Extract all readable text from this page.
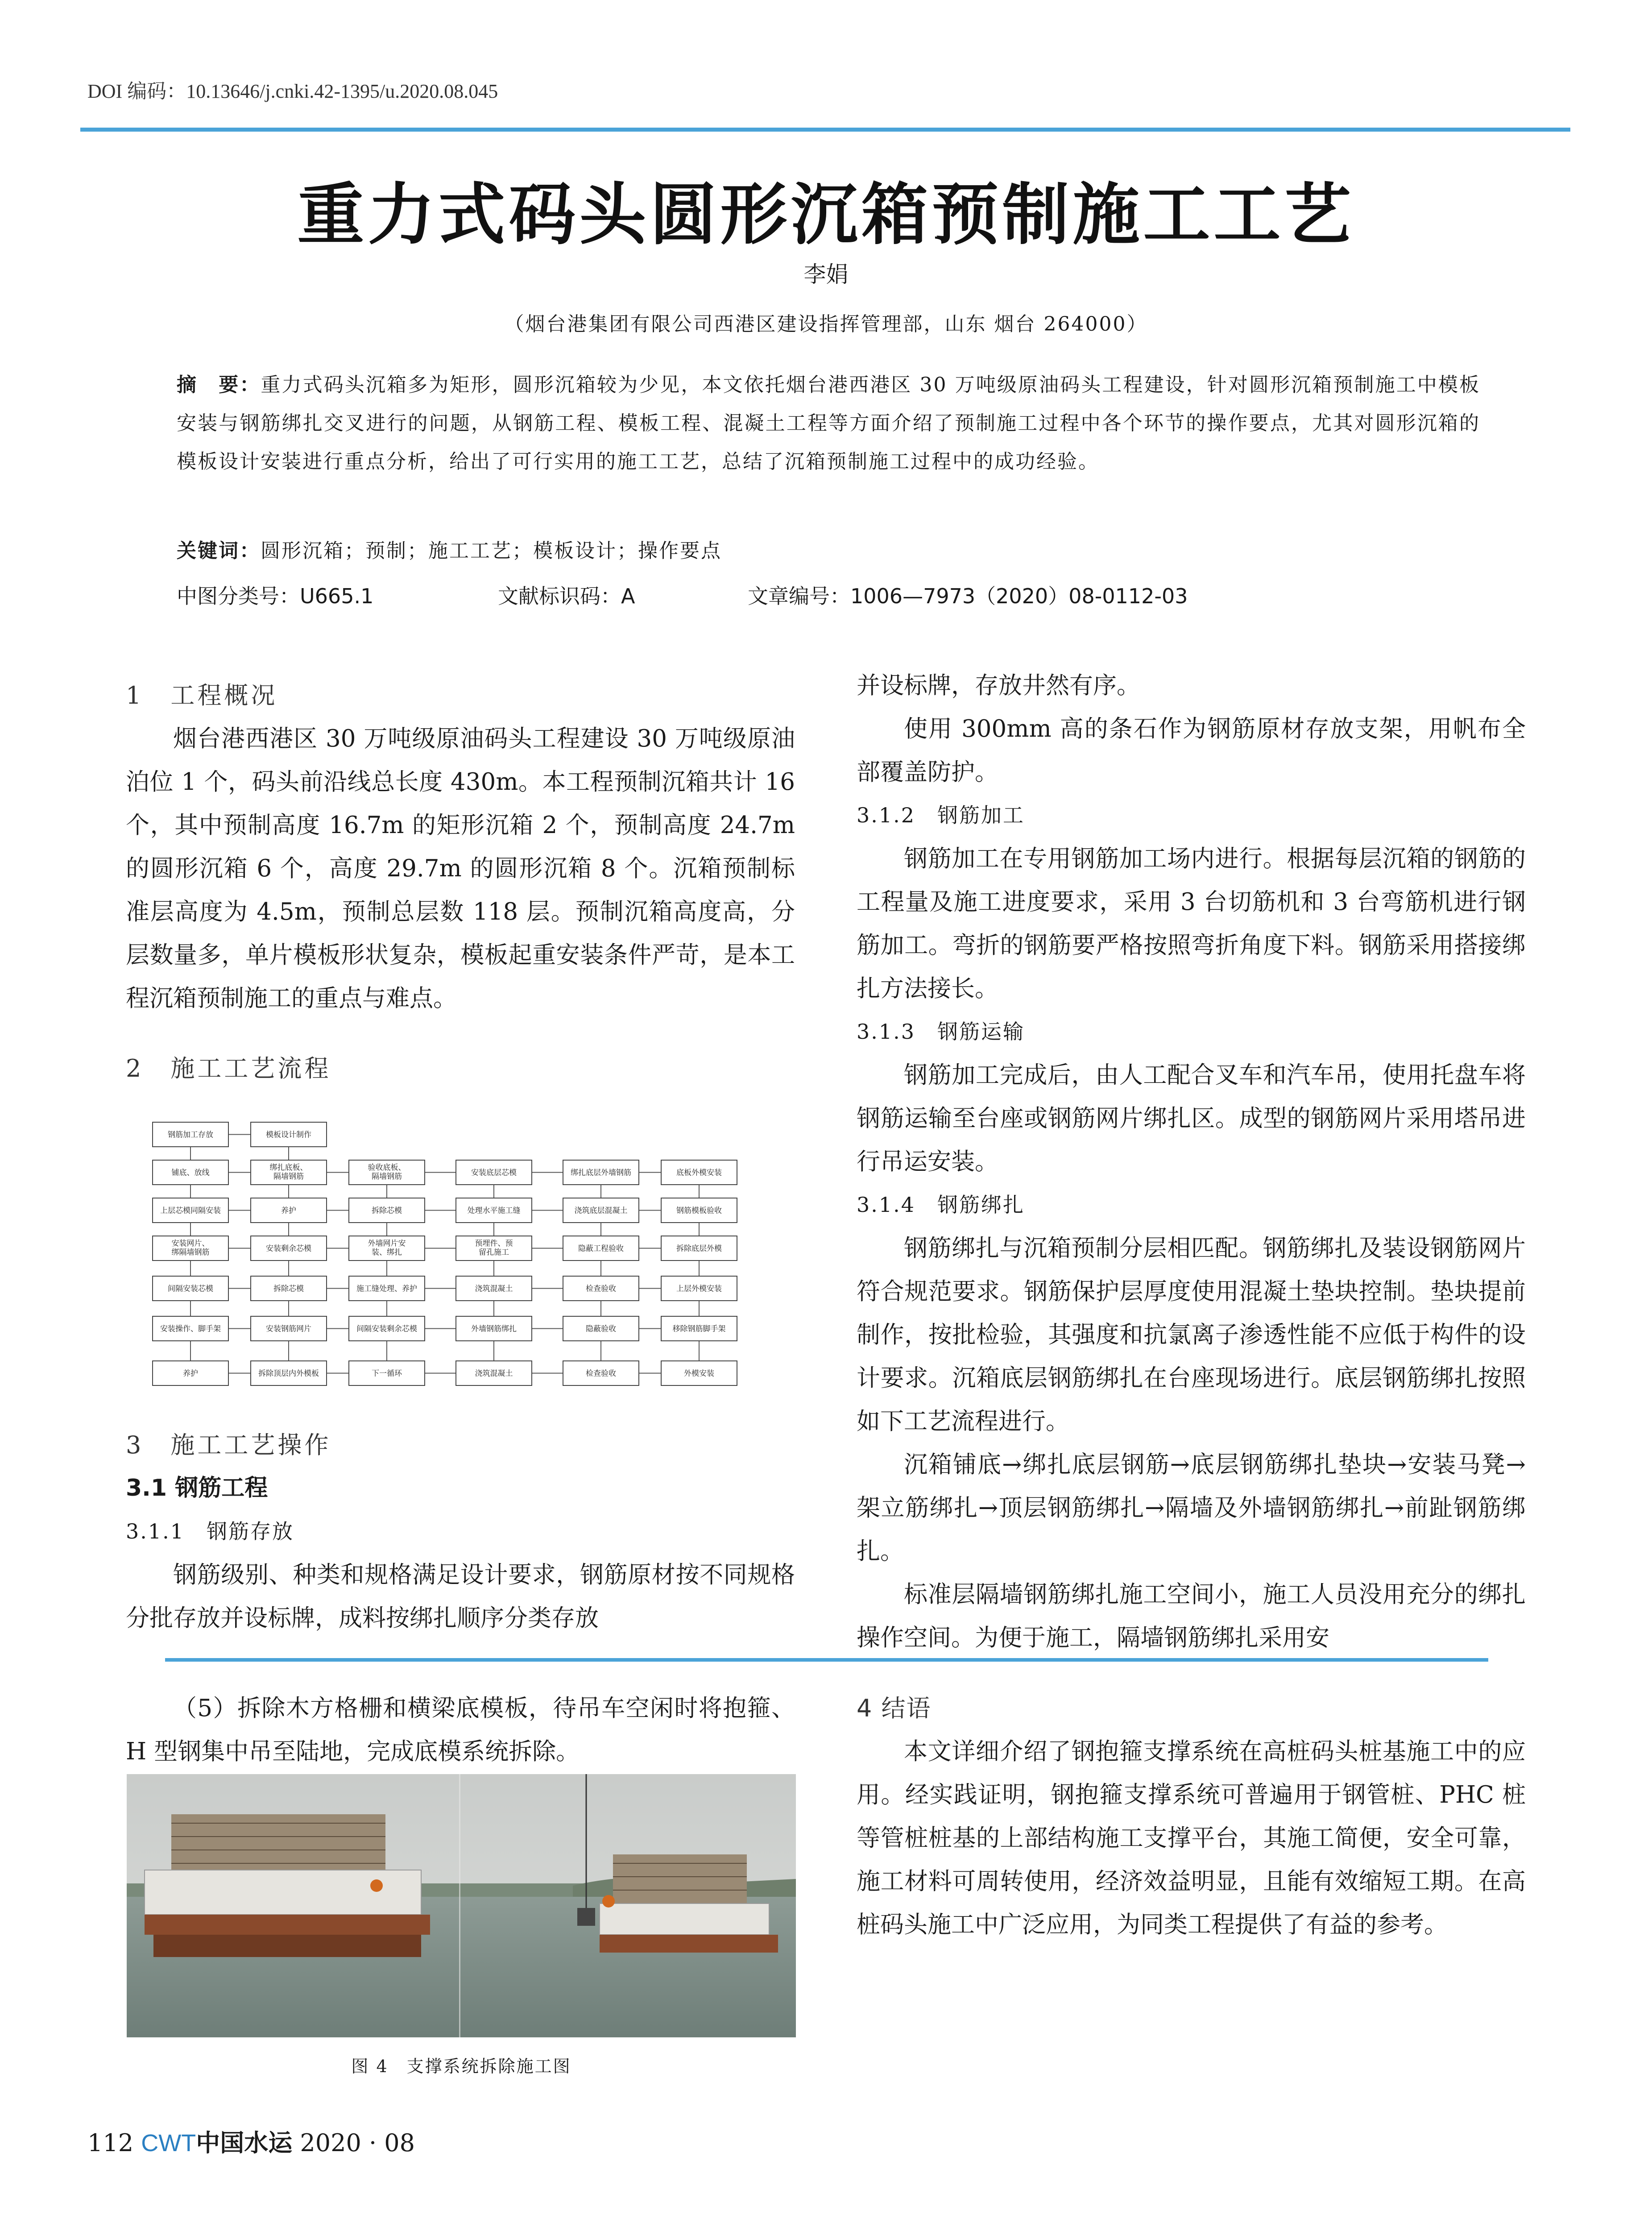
DOI 编码：10.13646/j.cnki.42-1395/u.2020.08.045
重力式码头圆形沉箱预制施工工艺
李娟
（烟台港集团有限公司西港区建设指挥管理部，山东 烟台 264000）
摘　要：重力式码头沉箱多为矩形，圆形沉箱较为少见，本文依托烟台港西港区 30 万吨级原油码头工程建设，针对圆形沉箱预制施工中模板安装与钢筋绑扎交叉进行的问题，从钢筋工程、模板工程、混凝土工程等方面介绍了预制施工过程中各个环节的操作要点，尤其对圆形沉箱的模板设计安装进行重点分析，给出了可行实用的施工工艺，总结了沉箱预制施工过程中的成功经验。
关键词：圆形沉箱；预制；施工工艺；模板设计；操作要点
中图分类号：U665.1	文献标识码：A	文章编号：1006—7973（2020）08-0112-03

1　工程概况

烟台港西港区 30 万吨级原油码头工程建设 30 万吨级原油泊位 1 个，码头前沿线总长度 430m。本工程预制沉箱共计 16 个，其中预制高度 16.7m 的矩形沉箱 2 个，预制高度 24.7m 的圆形沉箱 6 个，高度 29.7m 的圆形沉箱 8 个。沉箱预制标准层高度为 4.5m，预制总层数 118 层。预制沉箱高度高，分层数量多，单片模板形状复杂，模板起重安装条件严苛，是本工程沉箱预制施工的重点与难点。

2　施工工艺流程

钢筋加工存放	模板设计制作
铺底、放线
绑扎底板、隔墙钢筋
验收底板、隔墙钢筋	安装底层芯模	绑扎底层外墙钢筋	底板外模安装
上层芯模同隔安装	养护	拆除芯模	处理水平施工缝	浇筑底层混凝土	钢筋模板验收
安装网片、绑隔墙钢筋	安装剩余芯模
外墙网片安装、绑扎
预埋件、预留孔施工	隐蔽工程验收	拆除底层外模
间隔安装芯模	拆除芯模	施工缝处理、养护	浇筑混凝土	检查验收	上层外模安装
安装操作、脚手架	安装钢筋网片	间隔安装剩余芯模	外墙钢筋绑扎	隐蔽验收	移除钢筋脚手架
养护	拆除顶层内外模板	下一循环	浇筑混凝土	检查验收	外模安装

3　施工工艺操作

3.1 钢筋工程

3.1.1　钢筋存放

钢筋级别、种类和规格满足设计要求，钢筋原材按不同规格分批存放并设标牌，成料按绑扎顺序分类存放

并设标牌，存放井然有序。

使用 300mm 高的条石作为钢筋原材存放支架，用帆布全部覆盖防护。

3.1.2　钢筋加工

钢筋加工在专用钢筋加工场内进行。根据每层沉箱的钢筋的工程量及施工进度要求，采用 3 台切筋机和 3 台弯筋机进行钢筋加工。弯折的钢筋要严格按照弯折角度下料。钢筋采用搭接绑扎方法接长。

3.1.3　钢筋运输

钢筋加工完成后，由人工配合叉车和汽车吊，使用托盘车将钢筋运输至台座或钢筋网片绑扎区。成型的钢筋网片采用塔吊进行吊运安装。

3.1.4　钢筋绑扎

钢筋绑扎与沉箱预制分层相匹配。钢筋绑扎及装设钢筋网片符合规范要求。钢筋保护层厚度使用混凝土垫块控制。垫块提前制作，按批检验，其强度和抗氯离子渗透性能不应低于构件的设计要求。沉箱底层钢筋绑扎在台座现场进行。底层钢筋绑扎按照如下工艺流程进行。

沉箱铺底→绑扎底层钢筋→底层钢筋绑扎垫块→安装马凳→架立筋绑扎→顶层钢筋绑扎→隔墙及外墙钢筋绑扎→前趾钢筋绑扎。

标准层隔墙钢筋绑扎施工空间小，施工人员没用充分的绑扎操作空间。为便于施工，隔墙钢筋绑扎采用安

（5）拆除木方格栅和横梁底模板，待吊车空闲时将抱箍、H 型钢集中吊至陆地，完成底模系统拆除。

图 4　支撑系统拆除施工图

4 结语

本文详细介绍了钢抱箍支撑系统在高桩码头桩基施工中的应用。经实践证明，钢抱箍支撑系统可普遍用于钢管桩、PHC 桩等管桩桩基的上部结构施工支撑平台，其施工简便，安全可靠，施工材料可周转使用，经济效益明显，且能有效缩短工期。在高桩码头施工中广泛应用，为同类工程提供了有益的参考。

112 CWT中国水运 2020 · 08
